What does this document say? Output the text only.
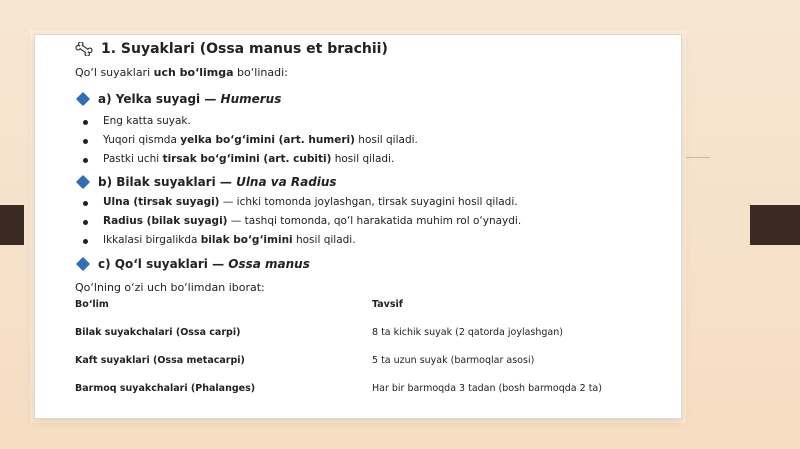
1. Suyaklari (Ossa manus et brachii)
Qo‘l suyaklari uch bo‘limga bo‘linadi:
a) Yelka suyagi — Humerus
Eng katta suyak.
Yuqori qismda yelka bo‘g‘imini (art. humeri) hosil qiladi.
Pastki uchi tirsak bo‘g‘imini (art. cubiti) hosil qiladi.
b) Bilak suyaklari — Ulna va Radius
Ulna (tirsak suyagi) — ichki tomonda joylashgan, tirsak suyagini hosil qiladi.
Radius (bilak suyagi) — tashqi tomonda, qo‘l harakatida muhim rol o‘ynaydi.
Ikkalasi birgalikda bilak bo‘g‘imini hosil qiladi.
c) Qo‘l suyaklari — Ossa manus
Qo‘lning o‘zi uch bo‘limdan iborat:
Bo‘lim	Tavsif
Bilak suyakchalari (Ossa carpi)	8 ta kichik suyak (2 qatorda joylashgan)
Kaft suyaklari (Ossa metacarpi)	5 ta uzun suyak (barmoqlar asosi)
Barmoq suyakchalari (Phalanges)	Har bir barmoqda 3 tadan (bosh barmoqda 2 ta)
